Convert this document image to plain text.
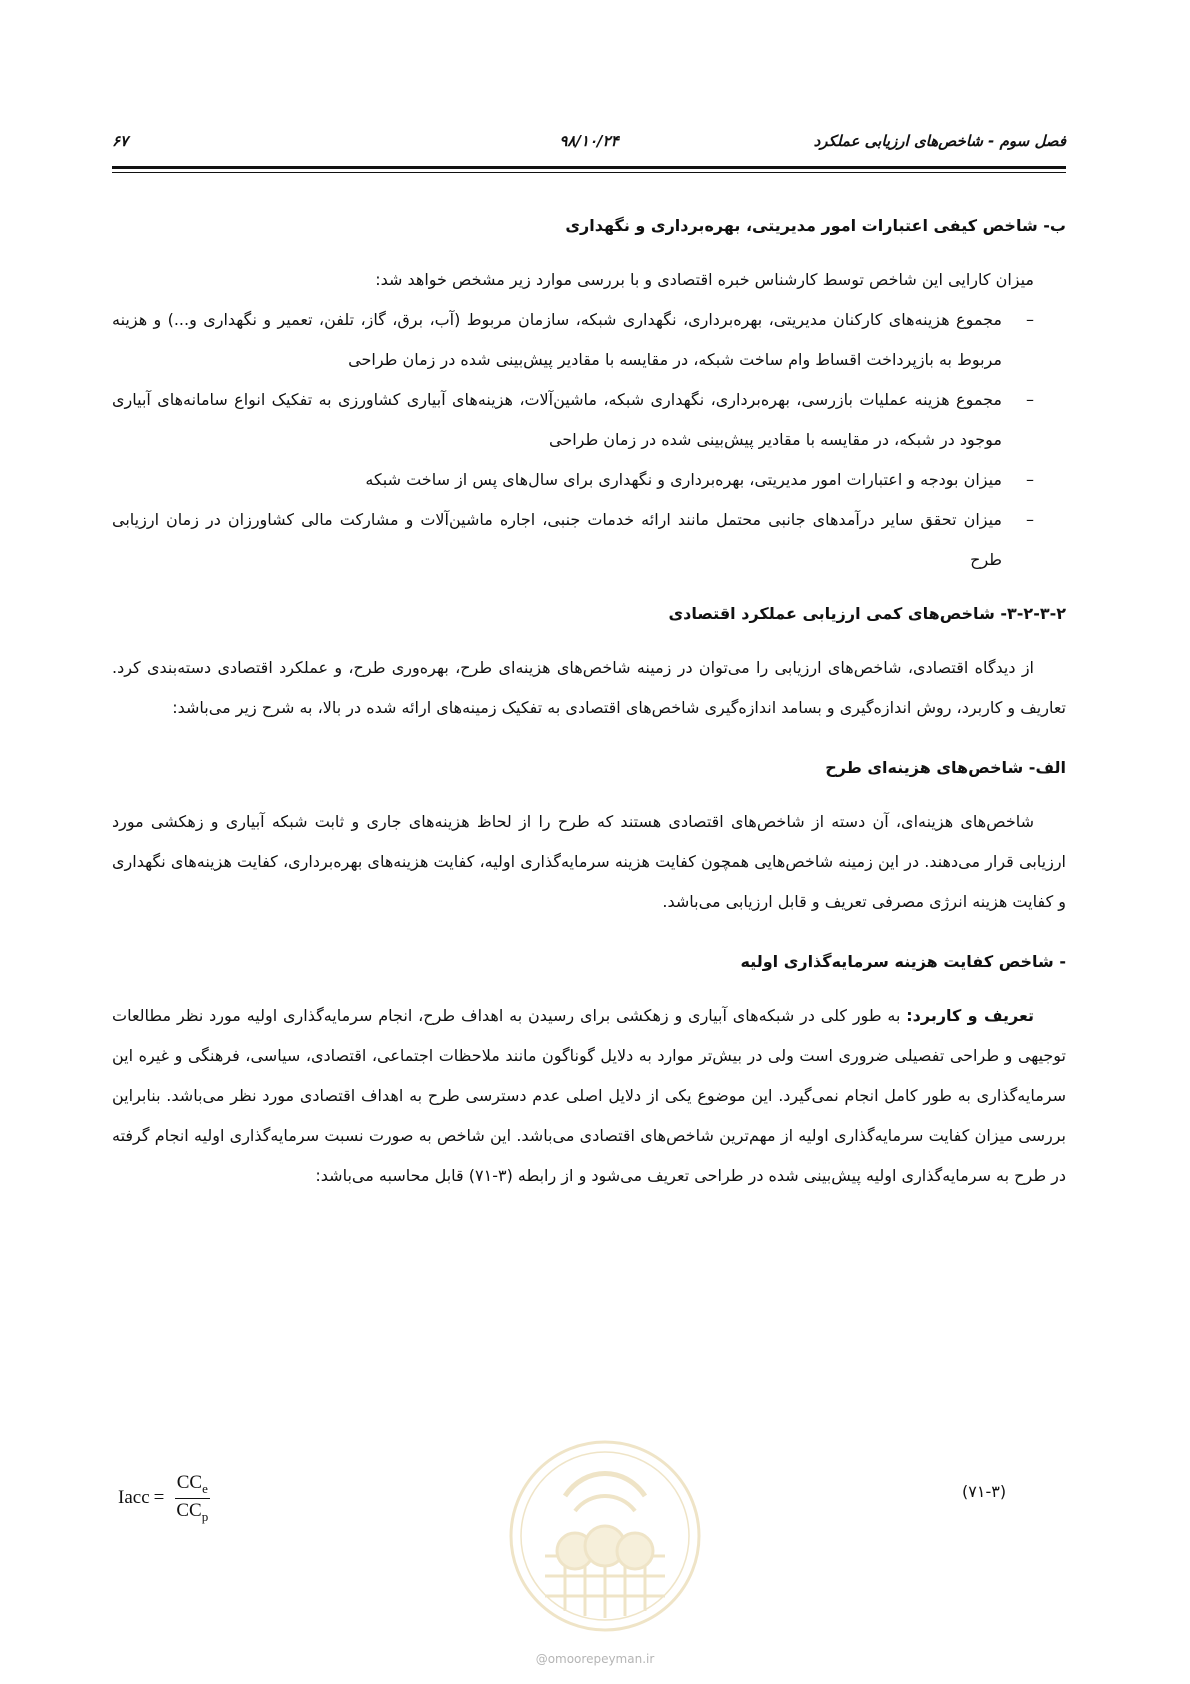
فصل سوم - شاخص‌های ارزیابی عملکرد
۹۸/۱۰/۲۴
۶۷
ب- شاخص کیفی اعتبارات امور مدیریتی، بهره‌برداری و نگهداری
میزان کارایی این شاخص توسط کارشناس خبره اقتصادی و با بررسی موارد زیر مشخص خواهد شد:
–
مجموع هزینه‌های کارکنان مدیریتی، بهره‌برداری، نگهداری شبکه، سازمان مربوط (آب، برق، گاز، تلفن، تعمیر و نگهداری و...) و هزینه مربوط به بازپرداخت اقساط وام ساخت شبکه، در مقایسه با مقادیر پیش‌بینی شده در زمان طراحی
–
مجموع هزینه عملیات بازرسی، بهره‌برداری، نگهداری شبکه، ماشین‌آلات، هزینه‌های آبیاری کشاورزی به تفکیک انواع سامانه‌های آبیاری موجود در شبکه، در مقایسه با مقادیر پیش‌بینی شده در زمان طراحی
–
میزان بودجه و اعتبارات امور مدیریتی، بهره‌برداری و نگهداری برای سال‌های پس از ساخت شبکه
–
میزان تحقق سایر درآمدهای جانبی محتمل مانند ارائه خدمات جنبی، اجاره ماشین‌آلات و مشارکت مالی کشاورزان در زمان ارزیابی طرح
۳-۲-۳-۲- شاخص‌های کمی ارزیابی عملکرد اقتصادی

از دیدگاه اقتصادی، شاخص‌های ارزیابی را می‌توان در زمینه شاخص‌های هزینه‌ای طرح، بهره‌وری طرح، و عملکرد اقتصادی دسته‌بندی کرد. تعاریف و کاربرد، روش اندازه‌گیری و بسامد اندازه‌گیری شاخص‌های اقتصادی به تفکیک زمینه‌های ارائه شده در بالا، به شرح زیر می‌باشد:

الف- شاخص‌های هزینه‌ای طرح

شاخص‌های هزینه‌ای، آن دسته از شاخص‌های اقتصادی هستند که طرح را از لحاظ هزینه‌های جاری و ثابت شبکه آبیاری و زهکشی مورد ارزیابی قرار می‌دهند. در این زمینه شاخص‌هایی همچون کفایت هزینه سرمایه‌گذاری اولیه، کفایت هزینه‌های بهره‌برداری، کفایت هزینه‌های نگهداری و کفایت هزینه انرژی مصرفی تعریف و قابل ارزیابی می‌باشد.

- شاخص کفایت هزینه سرمایه‌گذاری اولیه

تعریف و کاربرد: به طور کلی در شبکه‌های آبیاری و زهکشی برای رسیدن به اهداف طرح، انجام سرمایه‌گذاری اولیه مورد نظر مطالعات توجیهی و طراحی تفصیلی ضروری است ولی در بیش‌تر موارد به دلایل گوناگون مانند ملاحظات اجتماعی، اقتصادی، سیاسی، فرهنگی و غیره این سرمایه‌گذاری به طور کامل انجام نمی‌گیرد. این موضوع یکی از دلایل اصلی عدم دسترسی طرح به اهداف اقتصادی مورد نظر می‌باشد. بنابراین بررسی میزان کفایت سرمایه‌گذاری اولیه از مهم‌ترین شاخص‌های اقتصادی می‌باشد. این شاخص به صورت نسبت سرمایه‌گذاری اولیه انجام گرفته در طرح به سرمایه‌گذاری اولیه پیش‌بینی شده در طراحی تعریف می‌شود و از رابطه (۳-۷۱) قابل محاسبه می‌باشد:

Iacc = $\frac{CC_e}{CC_p}$	(۷۱-۳)
@omoorepeyman.ir
